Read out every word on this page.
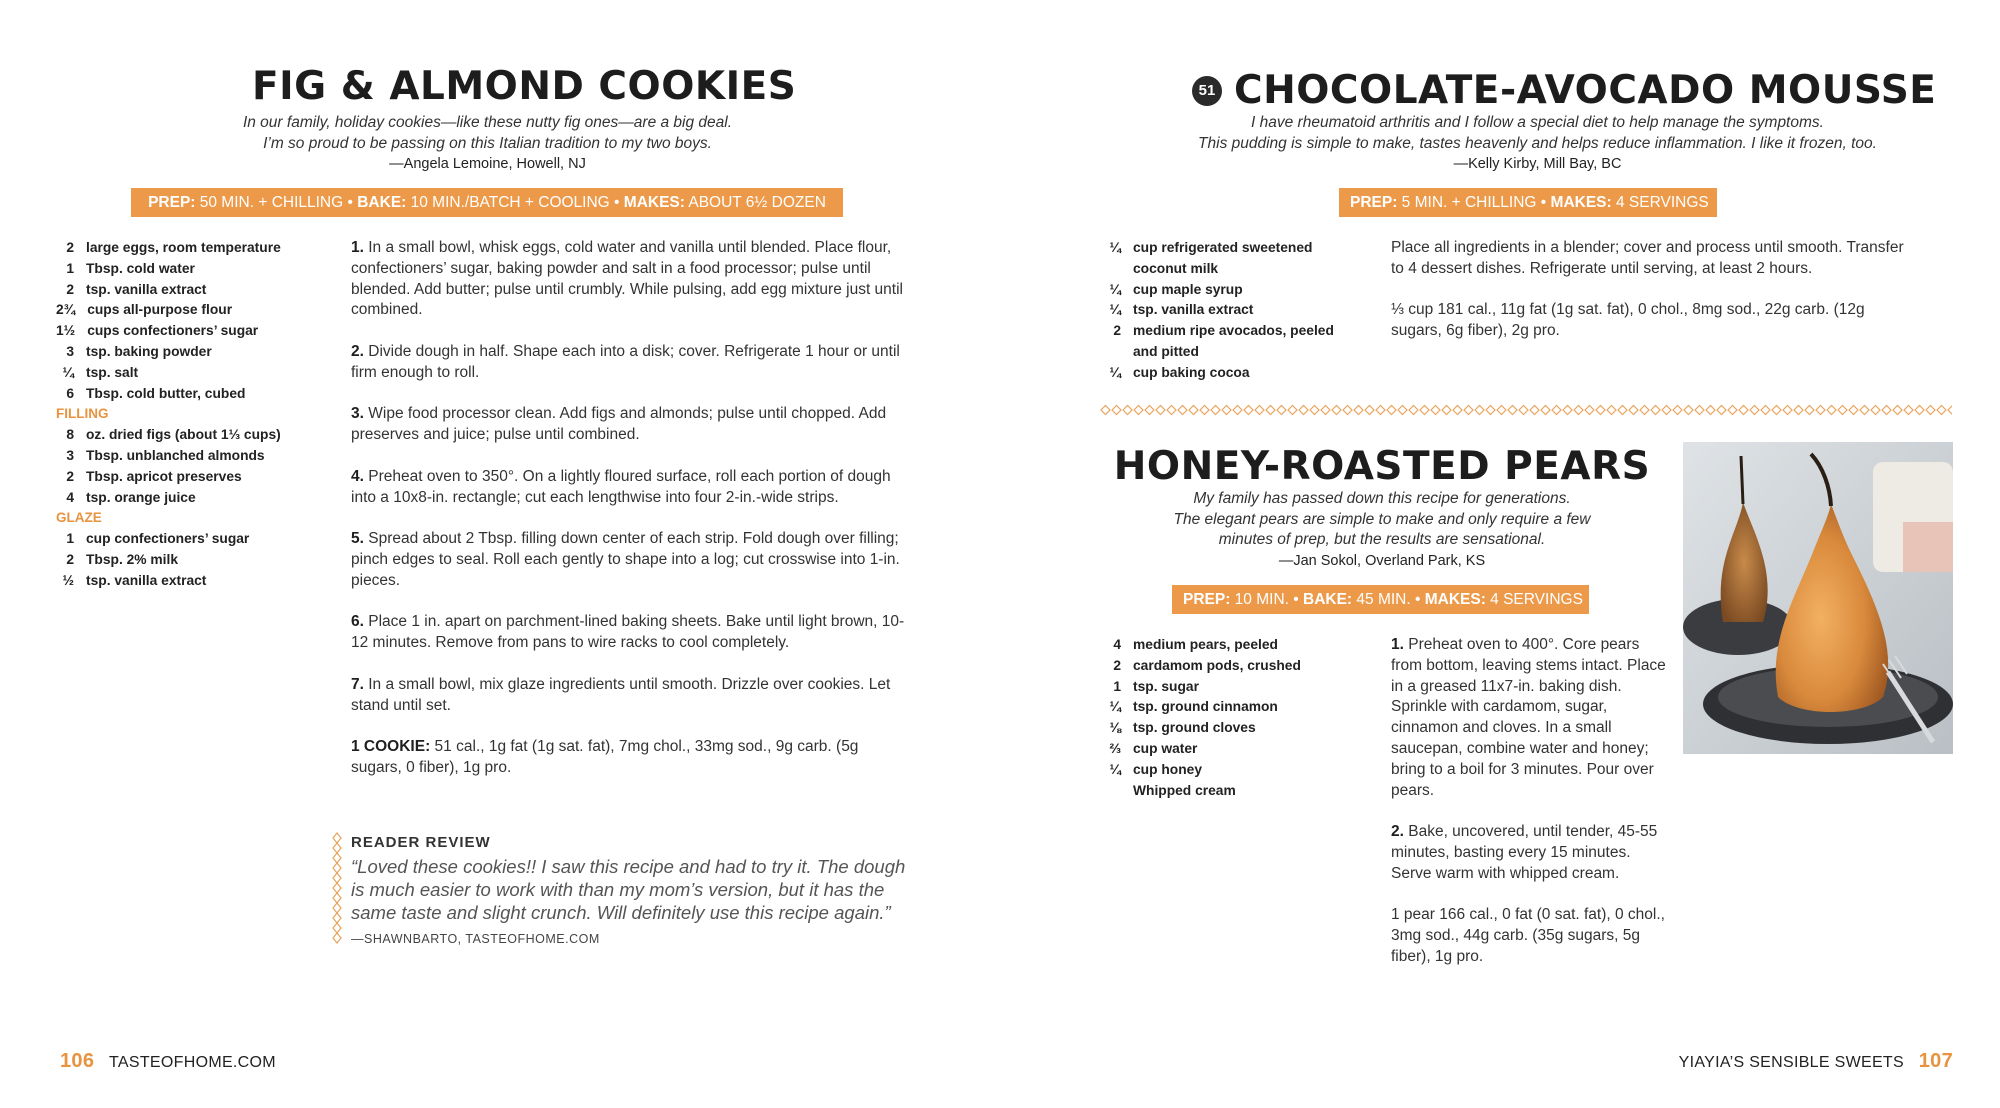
FIG & ALMOND COOKIES
In our family, holiday cookies—like these nutty fig ones—are a big deal.
I’m so proud to be passing on this Italian tradition to my two boys.
—Angela Lemoine, Howell, NJ
PREP: 50 MIN. + CHILLING • BAKE: 10 MIN./BATCH + COOLING • MAKES: ABOUT 6½ DOZEN
2 large eggs, room temperature
1 Tbsp. cold water
2 tsp. vanilla extract
2¾ cups all-purpose flour
1½ cups confectioners’ sugar
3 tsp. baking powder
¼ tsp. salt
6 Tbsp. cold butter, cubed
FILLING
8 oz. dried figs (about 1⅓ cups)
3 Tbsp. unblanched almonds
2 Tbsp. apricot preserves
4 tsp. orange juice
GLAZE
1 cup confectioners’ sugar
2 Tbsp. 2% milk
½ tsp. vanilla extract

1. In a small bowl, whisk eggs, cold water and vanilla until blended. Place flour, confectioners’ sugar, baking powder and salt in a food processor; pulse until blended. Add butter; pulse until crumbly. While pulsing, add egg mixture just until combined.

2. Divide dough in half. Shape each into a disk; cover. Refrigerate 1 hour or until firm enough to roll.

3. Wipe food processor clean. Add figs and almonds; pulse until chopped. Add preserves and juice; pulse until combined.

4. Preheat oven to 350°. On a lightly floured surface, roll each portion of dough into a 10x8-in. rectangle; cut each lengthwise into four 2-in.-wide strips.

5. Spread about 2 Tbsp. filling down center of each strip. Fold dough over filling; pinch edges to seal. Roll each gently to shape into a log; cut crosswise into 1-in. pieces.

6. Place 1 in. apart on parchment-lined baking sheets. Bake until light brown, 10-12 minutes. Remove from pans to wire racks to cool completely.

7. In a small bowl, mix glaze ingredients until smooth. Drizzle over cookies. Let stand until set.

1 COOKIE: 51 cal., 1g fat (1g sat. fat), 7mg chol., 33mg sod., 9g carb. (5g sugars, 0 fiber), 1g pro.

READER REVIEW
“Loved these cookies!! I saw this recipe and had to try it. The dough is much easier to work with than my mom’s version, but it has the same taste and slight crunch. Will definitely use this recipe again.”
—SHAWNBARTO, TASTEOFHOME.COM
106 TASTEOFHOME.COM
51 CHOCOLATE-AVOCADO MOUSSE
I have rheumatoid arthritis and I follow a special diet to help manage the symptoms.
This pudding is simple to make, tastes heavenly and helps reduce inflammation. I like it frozen, too.
—Kelly Kirby, Mill Bay, BC
PREP: 5 MIN. + CHILLING • MAKES: 4 SERVINGS
¼ cup refrigerated sweetened coconut milk
¼ cup maple syrup
¼ tsp. vanilla extract
2 medium ripe avocados, peeled and pitted
¼ cup baking cocoa

Place all ingredients in a blender; cover and process until smooth. Transfer to 4 dessert dishes. Refrigerate until serving, at least 2 hours.

⅓ cup 181 cal., 11g fat (1g sat. fat), 0 chol., 8mg sod., 22g carb. (12g sugars, 6g fiber), 2g pro.

HONEY-ROASTED PEARS
My family has passed down this recipe for generations.
The elegant pears are simple to make and only require a few
minutes of prep, but the results are sensational.
—Jan Sokol, Overland Park, KS
PREP: 10 MIN. • BAKE: 45 MIN. • MAKES: 4 SERVINGS
4 medium pears, peeled
2 cardamom pods, crushed
1 tsp. sugar
¼ tsp. ground cinnamon
⅛ tsp. ground cloves
⅔ cup water
¼ cup honey
Whipped cream

1. Preheat oven to 400°. Core pears from bottom, leaving stems intact. Place in a greased 11x7-in. baking dish. Sprinkle with cardamom, sugar, cinnamon and cloves. In a small saucepan, combine water and honey; bring to a boil for 3 minutes. Pour over pears.

2. Bake, uncovered, until tender, 45-55 minutes, basting every 15 minutes. Serve warm with whipped cream.

1 pear 166 cal., 0 fat (0 sat. fat), 0 chol., 3mg sod., 44g carb. (35g sugars, 5g fiber), 1g pro.

YIAYIA’S SENSIBLE SWEETS 107
